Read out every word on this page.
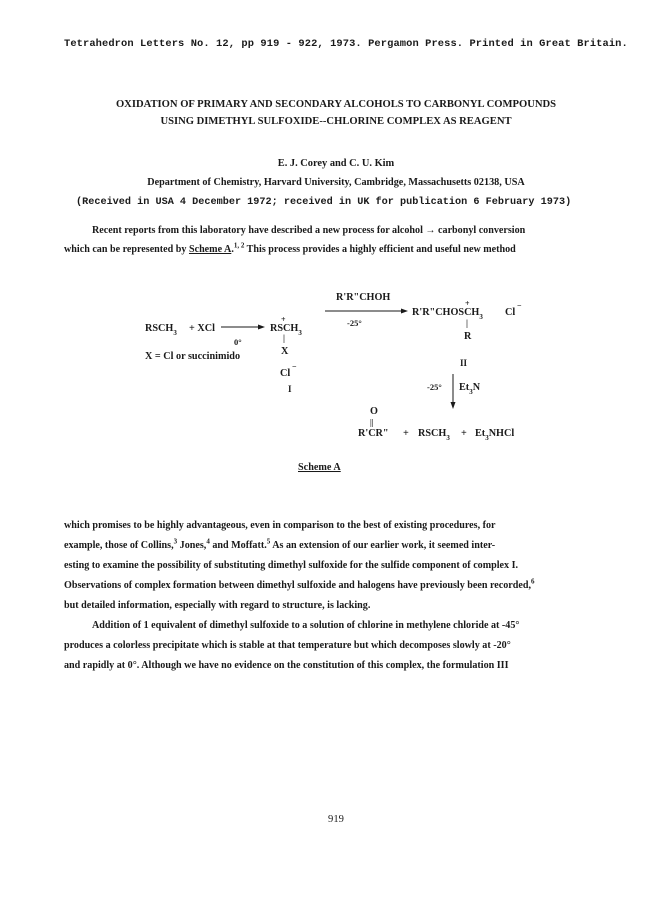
Tetrahedron Letters No. 12, pp 919 - 922, 1973. Pergamon Press. Printed in Great Britain.
OXIDATION OF PRIMARY AND SECONDARY ALCOHOLS TO CARBONYL COMPOUNDS
USING DIMETHYL SULFOXIDE--CHLORINE COMPLEX AS REAGENT
E. J. Corey and C. U. Kim
Department of Chemistry, Harvard University, Cambridge, Massachusetts 02138, USA
(Received in USA 4 December 1972; received in UK for publication 6 February 1973)
Recent reports from this laboratory have described a new process for alcohol → carbonyl conversion
which can be represented by Scheme A.$^{1, 2}$ This process provides a highly efficient and useful new method
$RSCH_3$ + XCl
0°
$RSCH_3$
+
|
X
Cl
−
I
R'R"CHOH
-25°
$R'R"CHOSCH_3$
+
|
R
Cl
−
II
-25° $Et_3N$
O
||
R'CR" + $RSCH_3$ + $Et_3NHCl$
X = Cl or succinimido
Scheme A
which promises to be highly advantageous, even in comparison to the best of existing procedures, for
example, those of Collins,$^3$ Jones,$^4$ and Moffatt.$^5$ As an extension of our earlier work, it seemed inter-
esting to examine the possibility of substituting dimethyl sulfoxide for the sulfide component of complex I.
Observations of complex formation between dimethyl sulfoxide and halogens have previously been recorded,$^6$
but detailed information, especially with regard to structure, is lacking.
Addition of 1 equivalent of dimethyl sulfoxide to a solution of chlorine in methylene chloride at -45°
produces a colorless precipitate which is stable at that temperature but which decomposes slowly at -20°
and rapidly at 0°. Although we have no evidence on the constitution of this complex, the formulation III
919
